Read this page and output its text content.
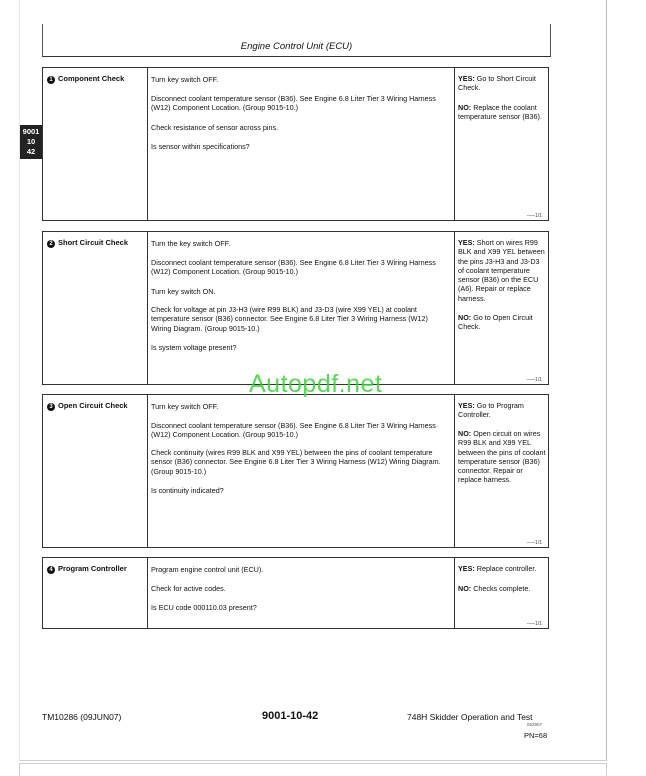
Engine Control Unit (ECU)
9001
10
42
1 Component Check	Turn key switch OFF.
Disconnect coolant temperature sensor (B36). See Engine 6.8 Liter Tier 3 Wiring Harness (W12) Component Location. (Group 9015-10.)
Check resistance of sensor across pins.
Is sensor within specifications?
YES: Go to Short Circuit Check.
NO: Replace the coolant temperature sensor (B36).
–––1/1
2 Short Circuit Check	Turn the key switch OFF.
Disconnect coolant temperature sensor (B36). See Engine 6.8 Liter Tier 3 Wiring Harness (W12) Component Location. (Group 9015-10.)
Turn key switch ON.
Check for voltage at pin J3-H3 (wire R99 BLK) and J3-D3 (wire X99 YEL) at coolant temperature sensor (B36) connector. See Engine 6.8 Liter Tier 3 Wiring Harness (W12) Wiring Diagram. (Group 9015-10.)
Is system voltage present?
YES: Short on wires R99 BLK and X99 YEL between the pins J3-H3 and J3-D3 of coolant temperature sensor (B36) on the ECU (A6). Repair or replace harness.
NO: Go to Open Circuit Check.
–––1/1
3 Open Circuit Check	Turn key switch OFF.
Disconnect coolant temperature sensor (B36). See Engine 6.8 Liter Tier 3 Wiring Harness (W12) Component Location. (Group 9015-10.)
Check continuity (wires R99 BLK and X99 YEL) between the pins of coolant temperature sensor (B36) connector. See Engine 6.8 Liter Tier 3 Wiring Harness (W12) Wiring Diagram. (Group 9015-10.)
Is continuity indicated?
YES: Go to Program Controller.
NO: Open circuit on wires R99 BLK and X99 YEL between the pins of coolant temperature sensor (B36) connector. Repair or replace harness.
–––1/1
4 Program Controller	Program engine control unit (ECU).
Check for active codes.
Is ECU code 000110.03 present?
YES: Replace controller.
NO: Checks complete.
–––1/1
Autopdf.net
TM10286 (09JUN07)	9001-10-42	748H Skidder Operation and Test
062907
PN=68
